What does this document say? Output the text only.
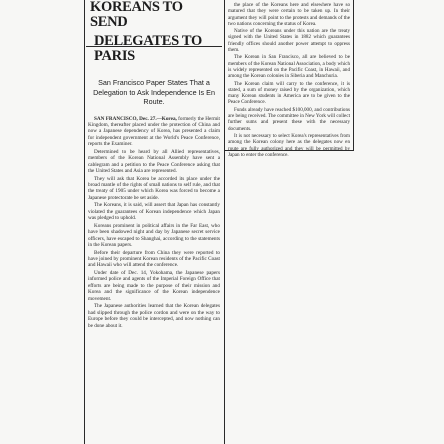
KOREANS TO SEND
DELEGATES TO PARIS
San Francisco Paper States That a Delegation to Ask Independence Is En Route.

SAN FRANCISCO, Dec. 27.—Korea, formerly the Hermit Kingdom, thereafter placed under the protection of China and now a Japanese dependency of Korea, has presented a claim for independent government at the World's Peace Conference, reports the Examiner.

Determined to be heard by all Allied representatives, members of the Korean National Assembly have sent a cablegram and a petition to the Peace Conference asking that the United States and Asia are represented.

They will ask that Korea be accorded its place under the broad mantle of the rights of small nations to self rule, and that the treaty of 1905 under which Korea was forced to become a Japanese protectorate be set aside.

The Koreans, it is said, will assert that Japan has constantly violated the guarantees of Korean independence which Japan was pledged to uphold.

Koreans prominent in political affairs in the Far East, who have been shadowed night and day by Japanese secret service officers, have escaped to Shanghai, according to the statements in the Korean papers.

Before their departure from China they were reported to have joined by prominent Korean residents of the Pacific Coast and Hawaii who will attend the conference.

Under date of Dec. 14, Yokohama, the Japanese papers informed police and agents of the Imperial Foreign Office that efforts are being made to the purpose of their mission and Korea and the significance of the Korean independence movement.

The Japanese authorities learned that the Korean delegates had slipped through the police cordon and were on the way to Europe before they could be intercepted, and now nothing can be done about it.

the place of the Koreans here and elsewhere have so matured that they were certain to be taken up. In their argument they will point to the protests and demands of the two nations concerning the status of Korea.

Native of the Koreans under this nation are the treaty signed with the United States in 1882 which guarantees friendly offices should another power attempt to oppress them.

The Korean in San Francisco, all are believed to be members of the Korean National Association, a body which is widely represented on the Pacific Coast, in Hawaii, and among the Korean colonies in Siberia and Manchuria.

The Korean claim will carry to the conference, it is stated, a sum of money raised by the organization, which many Korean students in America are to be given to the Peace Conference.

Funds already have reached $100,000, and contributions are being received. The committee in New York will collect further sums and present these with the necessary documents.

It is not necessary to select Korea's representatives from among the Korean colony here as the delegates now en route are fully authorized and they will be permitted by Japan to enter the conference.
